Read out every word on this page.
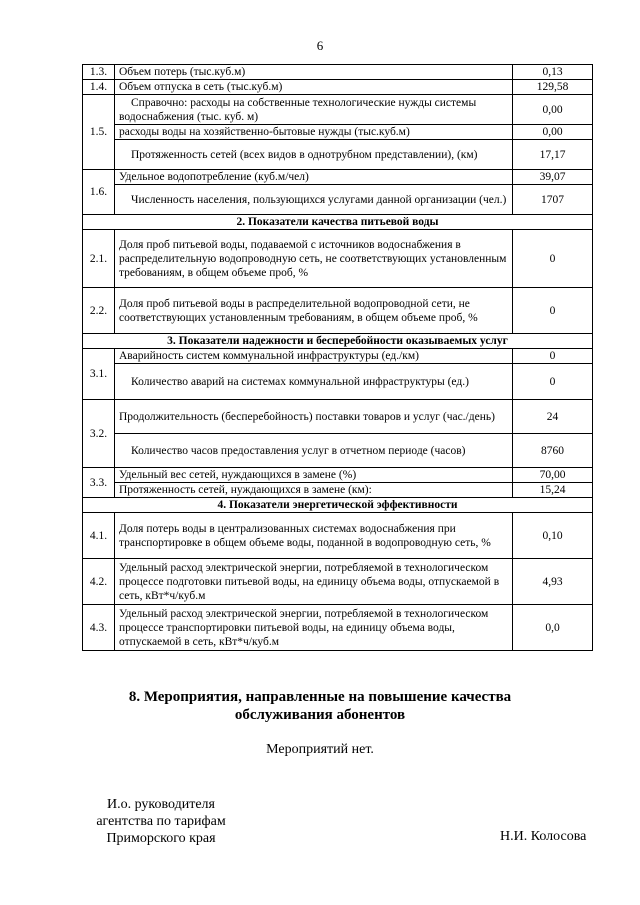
6
1.3.	Объем потерь (тыс.куб.м)	0,13
1.4.	Объем отпуска в сеть (тыс.куб.м)	129,58
1.5.	Справочно: расходы на собственные технологические нужды системы водоснабжения (тыс. куб. м)	0,00
	расходы воды на хозяйственно-бытовые нужды (тыс.куб.м)	0,00
	Протяженность сетей (всех видов в однотрубном представлении), (км)	17,17
1.6.	Удельное водопотребление (куб.м/чел)	39,07
	Численность населения, пользующихся услугами данной организации (чел.)	1707
2. Показатели качества питьевой воды		
2.1.	Доля проб питьевой воды, подаваемой с источников водоснабжения в распределительную водопроводную сеть, не соответствующих установленным требованиям, в общем объеме проб, %	0
2.2.	Доля проб питьевой воды в распределительной водопроводной сети, не соответствующих установленным требованиям, в общем объеме проб, %	0
3. Показатели надежности и бесперебойности оказываемых услуг		
3.1.	Аварийность систем коммунальной инфраструктуры (ед./км)	0
	Количество аварий на системах коммунальной инфраструктуры (ед.)	0
3.2.	Продолжительность (бесперебойность) поставки товаров и услуг (час./день)	24
	Количество часов предоставления услуг в отчетном периоде (часов)	8760
3.3.	Удельный вес сетей, нуждающихся в замене (%)	70,00
	Протяженность сетей, нуждающихся в замене (км):	15,24
4. Показатели энергетической эффективности		
4.1.	Доля потерь воды в централизованных системах водоснабжения при транспортировке в общем объеме воды, поданной в водопроводную сеть, %	0,10
4.2.	Удельный расход электрической энергии, потребляемой в технологическом процессе подготовки питьевой воды, на единицу объема воды, отпускаемой в сеть, кВт*ч/куб.м	4,93
4.3.	Удельный расход электрической энергии, потребляемой в технологическом процессе транспортировки питьевой воды, на единицу объема воды, отпускаемой в сеть, кВт*ч/куб.м	0,0
8. Мероприятия, направленные на повышение качества
обслуживания абонентов
Мероприятий нет.
И.о. руководителя
агентства по тарифам
Приморского края	Н.И. Колосова
